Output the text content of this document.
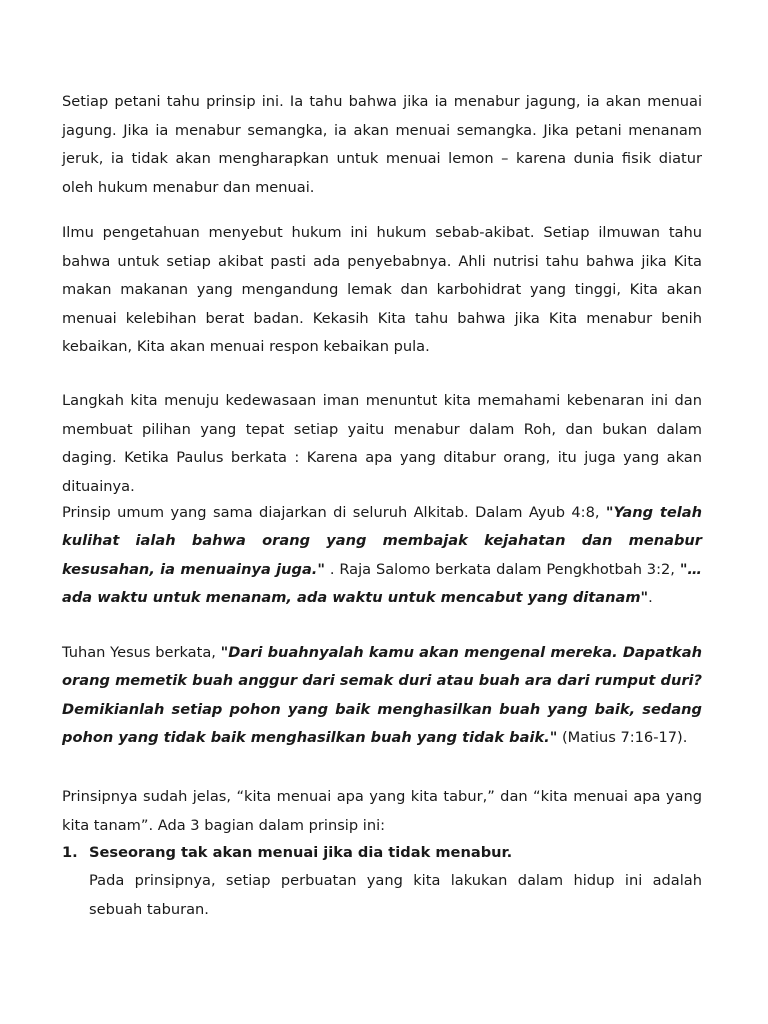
Setiap petani tahu prinsip ini. Ia tahu bahwa jika ia menabur jagung, ia akan menuai jagung. Jika ia menabur semangka, ia akan menuai semangka. Jika petani menanam jeruk, ia tidak akan mengharapkan untuk menuai lemon – karena dunia fisik diatur oleh hukum menabur dan menuai.

Ilmu pengetahuan menyebut hukum ini hukum sebab-akibat. Setiap ilmuwan tahu bahwa untuk setiap akibat pasti ada penyebabnya. Ahli nutrisi tahu bahwa jika Kita makan makanan yang mengandung lemak dan karbohidrat yang tinggi, Kita akan menuai kelebihan berat badan. Kekasih Kita tahu bahwa jika Kita menabur benih kebaikan, Kita akan menuai respon kebaikan pula.

Langkah kita menuju kedewasaan iman menuntut kita memahami kebenaran ini dan membuat pilihan yang tepat setiap yaitu menabur dalam Roh, dan bukan dalam daging. Ketika Paulus berkata : Karena apa yang ditabur orang, itu juga yang akan dituainya.

Prinsip umum yang sama diajarkan di seluruh Alkitab. Dalam Ayub 4:8, "Yang telah kulihat ialah bahwa orang yang membajak kejahatan dan menabur kesusahan, ia menuainya juga." . Raja Salomo berkata dalam Pengkhotbah 3:2, "…ada waktu untuk menanam, ada waktu untuk mencabut yang ditanam".

Tuhan Yesus berkata, "Dari buahnyalah kamu akan mengenal mereka. Dapatkah orang memetik buah anggur dari semak duri atau buah ara dari rumput duri? Demikianlah setiap pohon yang baik menghasilkan buah yang baik, sedang pohon yang tidak baik menghasilkan buah yang tidak baik." (Matius 7:16-17).

Prinsipnya sudah jelas, “kita menuai apa yang kita tabur,” dan “kita menuai apa yang kita tanam”. Ada 3 bagian dalam prinsip ini:

1. Seseorang tak akan menuai jika dia tidak menabur.

Pada prinsipnya, setiap perbuatan yang kita lakukan dalam hidup ini adalah sebuah taburan.
